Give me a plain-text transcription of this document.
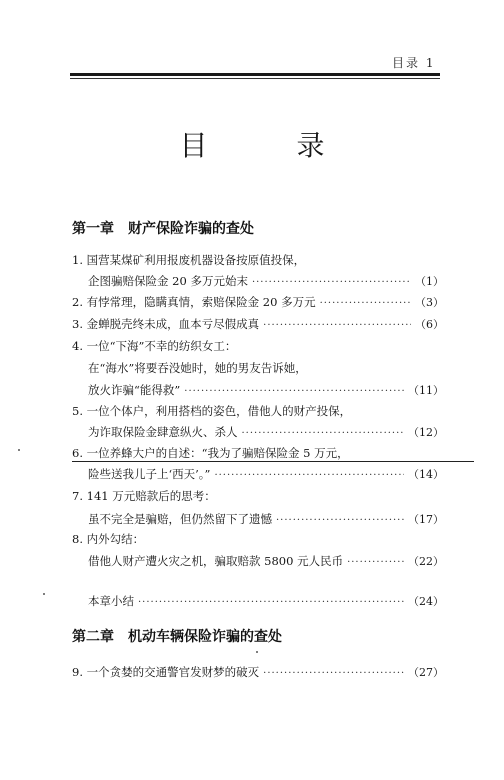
目录 1
目 录
第一章 财产保险诈骗的查处
1. 国营某煤矿利用报废机器设备按原值投保，
企图骗赔保险金 20 多万元始末 ·····	（1）
2. 有悖常理，隐瞒真情，索赔保险金 20 多万元 ·····	（3）
3. 金蝉脱壳终未成，血本亏尽假成真 ·····	（6）
4. 一位“下海”不幸的纺织女工：
在“海水”将要吞没她时，她的男友告诉她，
放火诈骗“能得救” ·····	（11）
5. 一位个体户，利用搭档的姿色，借他人的财产投保，
为诈取保险金肆意纵火、杀人 ·····	（12）
6. 一位养蜂大户的自述：“我为了骗赔保险金 5 万元，
险些送我儿子上‘西天’。” ·····	（14）
7. 141 万元赔款后的思考：
虽不完全是骗赔，但仍然留下了遗憾 ·····	（17）
8. 内外勾结：
借他人财产遭火灾之机，骗取赔款 5800 元人民币 ·····	（22）
本章小结 ·····	（24）
第二章 机动车辆保险诈骗的查处
9. 一个贪婪的交通警官发财梦的破灭 ·····	（27）
